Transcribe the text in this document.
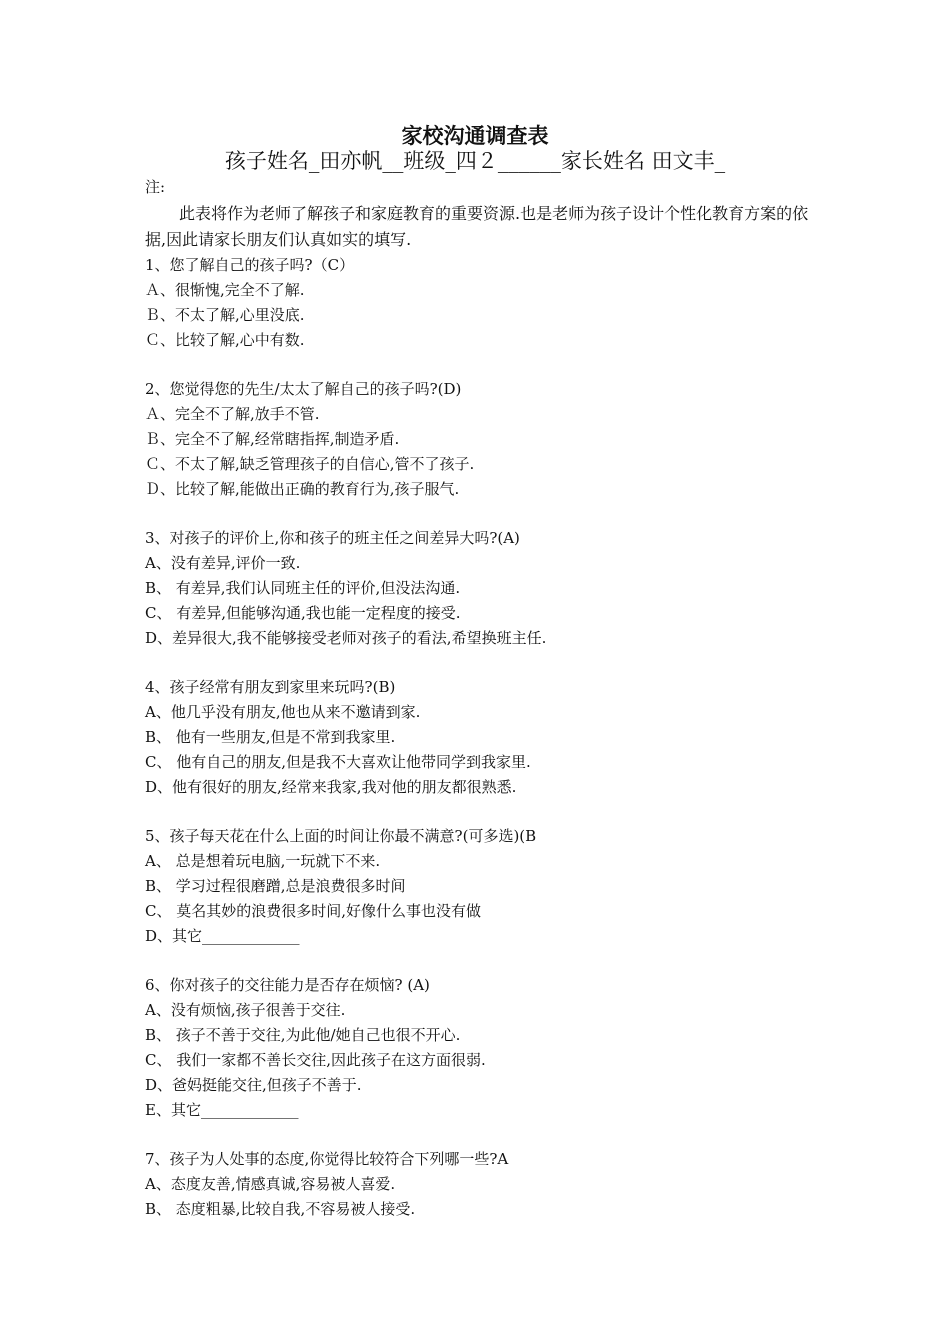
家校沟通调查表
孩子姓名_田亦帆__班级_四２______家长姓名 田文丰_
注:
此表将作为老师了解孩子和家庭教育的重要资源.也是老师为孩子设计个性化教育方案的依据,因此请家长朋友们认真如实的填写.
1、您了解自己的孩子吗?（C）
Ａ、很惭愧,完全不了解.
Ｂ、不太了解,心里没底.
Ｃ、比较了解,心中有数.
2、您觉得您的先生/太太了解自己的孩子吗?(D)
Ａ、完全不了解,放手不管.
Ｂ、完全不了解,经常瞎指挥,制造矛盾.
Ｃ、不太了解,缺乏管理孩子的自信心,管不了孩子.
Ｄ、比较了解,能做出正确的教育行为,孩子服气.
3、对孩子的评价上,你和孩子的班主任之间差异大吗?(A)
A、没有差异,评价一致.
B、 有差异,我们认同班主任的评价,但没法沟通.
C、 有差异,但能够沟通,我也能一定程度的接受.
D、差异很大,我不能够接受老师对孩子的看法,希望换班主任.
4、孩子经常有朋友到家里来玩吗?(B)
A、他几乎没有朋友,他也从来不邀请到家.
B、 他有一些朋友,但是不常到我家里.
C、 他有自己的朋友,但是我不大喜欢让他带同学到我家里.
D、他有很好的朋友,经常来我家,我对他的朋友都很熟悉.
5、孩子每天花在什么上面的时间让你最不满意?(可多选)(B
A、 总是想着玩电脑,一玩就下不来.
B、 学习过程很磨蹭,总是浪费很多时间
C、 莫名其妙的浪费很多时间,好像什么事也没有做
D、其它_____________
6、你对孩子的交往能力是否存在烦恼? (A)
A、没有烦恼,孩子很善于交往.
B、 孩子不善于交往,为此他/她自己也很不开心.
C、 我们一家都不善长交往,因此孩子在这方面很弱.
D、爸妈挺能交往,但孩子不善于.
E、其它_____________
7、孩子为人处事的态度,你觉得比较符合下列哪一些?A
A、态度友善,情感真诚,容易被人喜爱.
B、 态度粗暴,比较自我,不容易被人接受.
